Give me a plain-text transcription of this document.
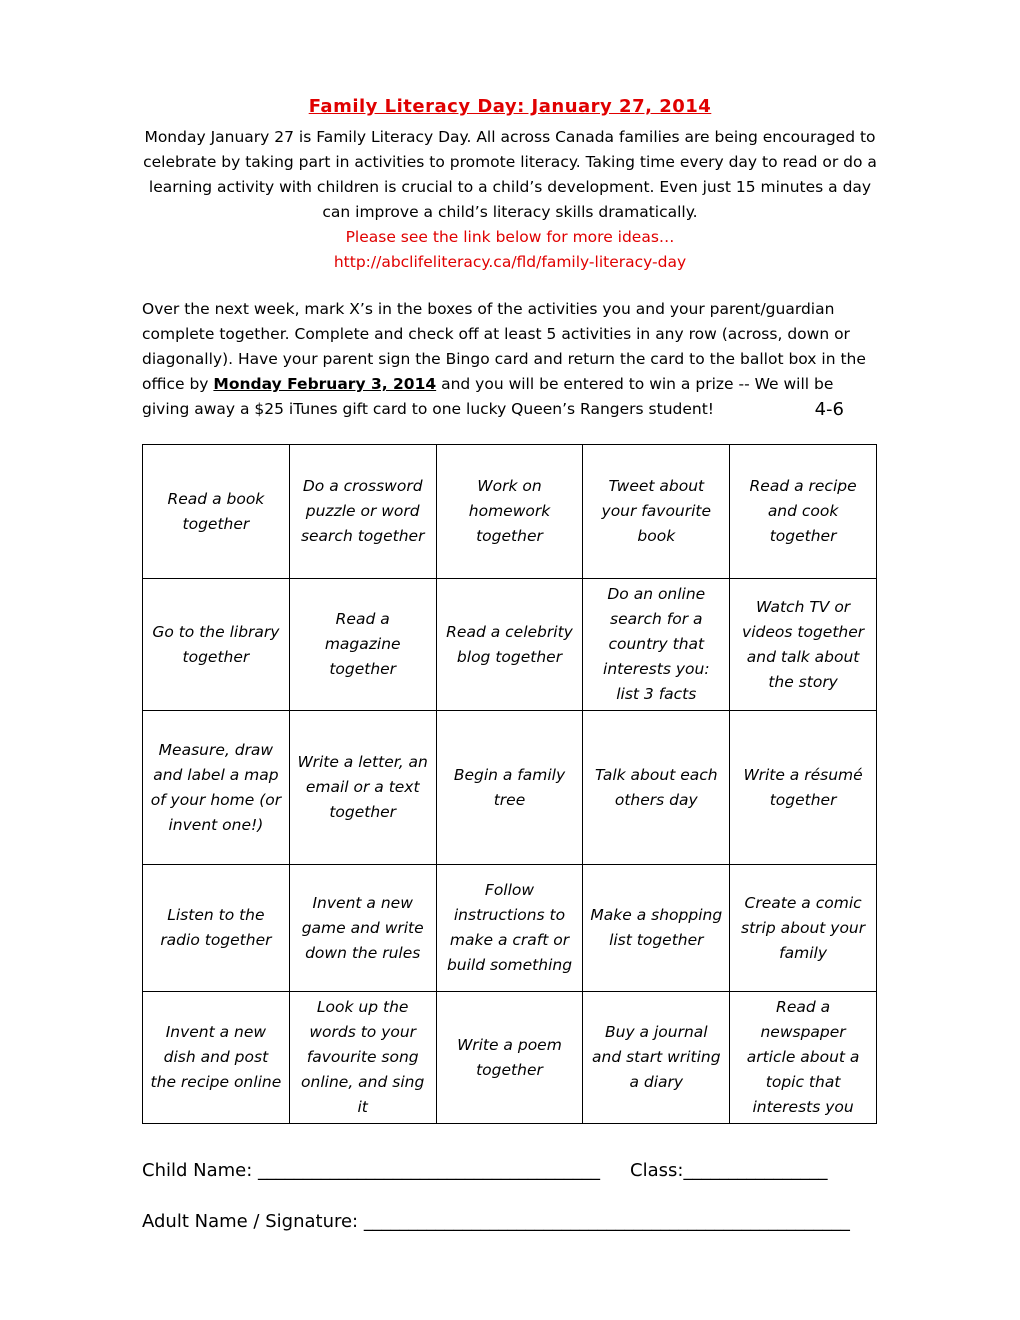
Family Literacy Day: January 27, 2014

Monday January 27 is Family Literacy Day. All across Canada families are being encouraged to celebrate by taking part in activities to promote literacy. Taking time every day to read or do a learning activity with children is crucial to a child’s development. Even just 15 minutes a day can improve a child’s literacy skills dramatically.

Please see the link below for more ideas…

http://abclifeliteracy.ca/fld/family-literacy-day

Over the next week, mark X’s in the boxes of the activities you and your parent/guardian complete together. Complete and check off at least 5 activities in any row (across, down or diagonally). Have your parent sign the Bingo card and return the card to the ballot box in the office by Monday February 3, 2014 and you will be entered to win a prize -- We will be giving away a $25 iTunes gift card to one lucky Queen’s Rangers student!	4-6

Read a book together	Do a crossword puzzle or word search together	Work on homework together	Tweet about your favourite book	Read a recipe and cook together
Go to the library together	Read a magazine together	Read a celebrity blog together	Do an online search for a country that interests you: list 3 facts	Watch TV or videos together and talk about the story
Measure, draw and label a map of your home (or invent one!)	Write a letter, an email or a text together	Begin a family tree	Talk about each others day	Write a résumé together
Listen to the radio together	Invent a new game and write down the rules	Follow instructions to make a craft or build something	Make a shopping list together	Create a comic strip about your family
Invent a new dish and post the recipe online	Look up the words to your favourite song online, and sing it	Write a poem together	Buy a journal and start writing a diary	Read a newspaper article about a topic that interests you

Child Name: ______________________________________ Class:________________

Adult Name / Signature: ______________________________________________________
